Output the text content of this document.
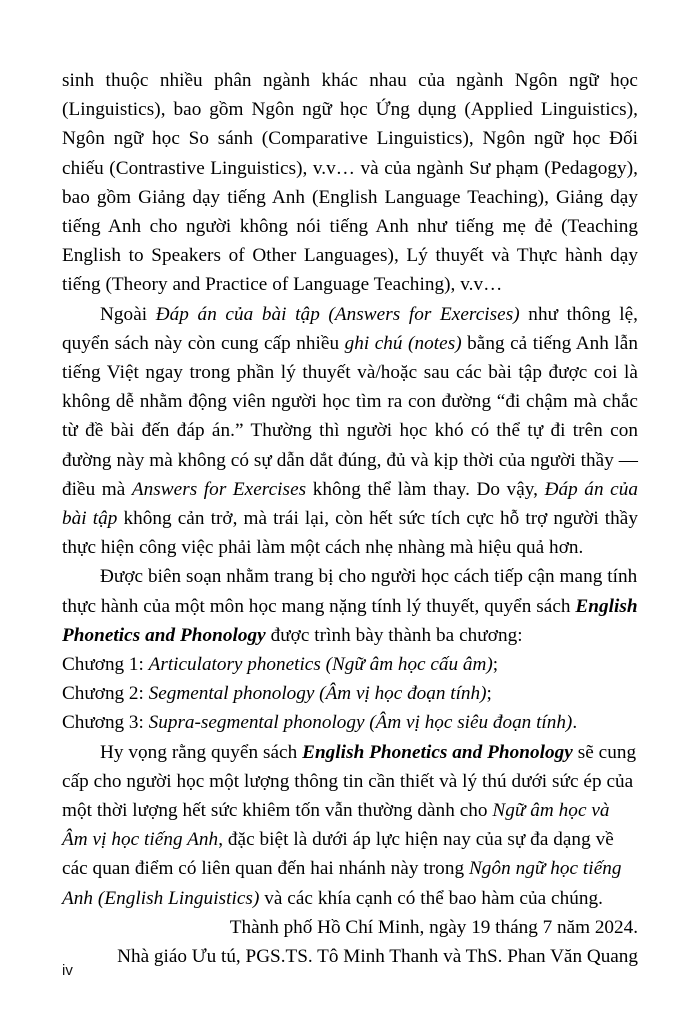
sinh thuộc nhiều phân ngành khác nhau của ngành Ngôn ngữ học (Linguistics), bao gồm Ngôn ngữ học Ứng dụng (Applied Linguistics), Ngôn ngữ học So sánh (Comparative Linguistics), Ngôn ngữ học Đối chiếu (Contrastive Linguistics), v.v… và của ngành Sư phạm (Pedagogy), bao gồm Giảng dạy tiếng Anh (English Language Teaching), Giảng dạy tiếng Anh cho người không nói tiếng Anh như tiếng mẹ đẻ (Teaching English to Speakers of Other Languages), Lý thuyết và Thực hành dạy tiếng (Theory and Practice of Language Teaching), v.v…

Ngoài Đáp án của bài tập (Answers for Exercises) như thông lệ, quyển sách này còn cung cấp nhiều ghi chú (notes) bằng cả tiếng Anh lẫn tiếng Việt ngay trong phần lý thuyết và/hoặc sau các bài tập được coi là không dễ nhằm động viên người học tìm ra con đường “đi chậm mà chắc từ đề bài đến đáp án.” Thường thì người học khó có thể tự đi trên con đường này mà không có sự dẫn dắt đúng, đủ và kịp thời của người thầy — điều mà Answers for Exercises không thể làm thay. Do vậy, Đáp án của bài tập không cản trở, mà trái lại, còn hết sức tích cực hỗ trợ người thầy thực hiện công việc phải làm một cách nhẹ nhàng mà hiệu quả hơn.

Được biên soạn nhằm trang bị cho người học cách tiếp cận mang tính thực hành của một môn học mang nặng tính lý thuyết, quyển sách English Phonetics and Phonology được trình bày thành ba chương:

Chương 1: Articulatory phonetics (Ngữ âm học cấu âm);

Chương 2: Segmental phonology (Âm vị học đoạn tính);

Chương 3: Supra-segmental phonology (Âm vị học siêu đoạn tính).

Hy vọng rằng quyển sách English Phonetics and Phonology sẽ cung cấp cho người học một lượng thông tin cần thiết và lý thú dưới sức ép của một thời lượng hết sức khiêm tốn vẫn thường dành cho Ngữ âm học và Âm vị học tiếng Anh, đặc biệt là dưới áp lực hiện nay của sự đa dạng về các quan điểm có liên quan đến hai nhánh này trong Ngôn ngữ học tiếng Anh (English Linguistics) và các khía cạnh có thể bao hàm của chúng.

Thành phố Hồ Chí Minh, ngày 19 tháng 7 năm 2024.

Nhà giáo Ưu tú, PGS.TS. Tô Minh Thanh và ThS. Phan Văn Quang

iv
